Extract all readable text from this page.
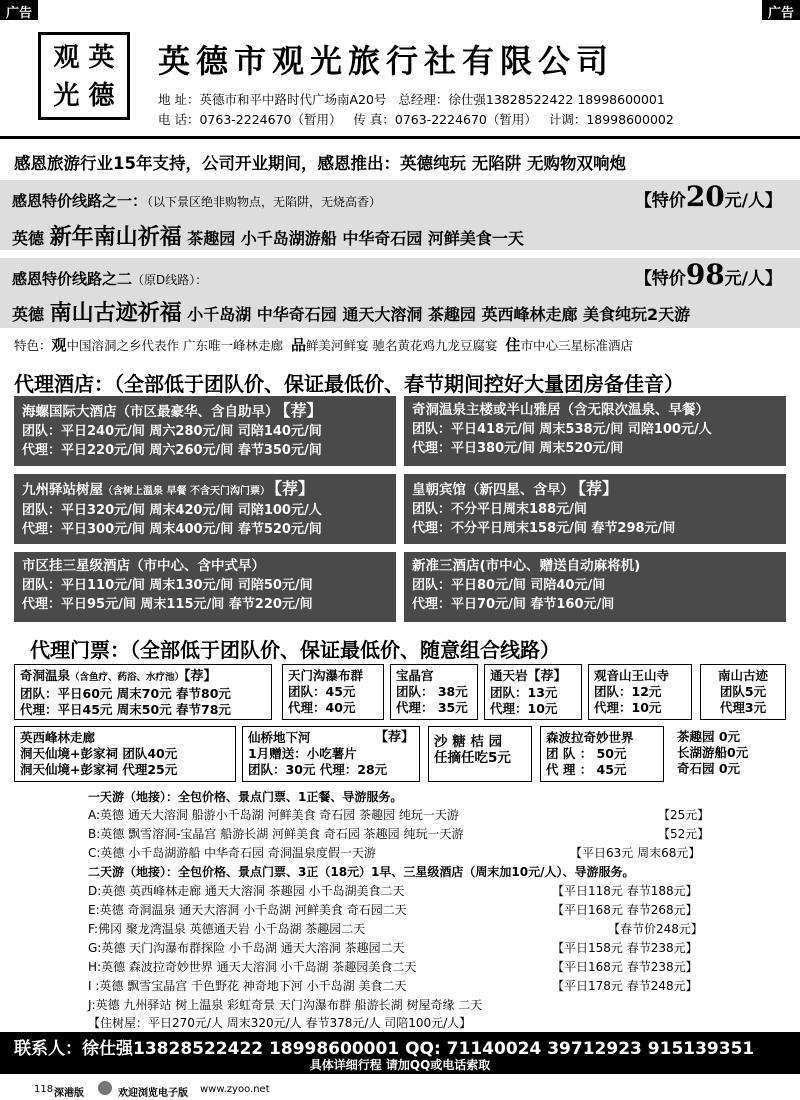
广告	广告
观 英
光 德
英德市观光旅行社有限公司
地 址：英德市和平中路时代广场南A20号 总经理：徐仕强13828522422 18998600001
电 话：0763-2224670（暂用） 传 真：0763-2224670（暂用） 计调：18998600002
感恩旅游行业15年支持，公司开业期间，感恩推出：英德纯玩 无陷阱 无购物双响炮
感恩特价线路之一：（以下景区绝非购物点，无陷阱，无烧高香）	【特价20元/人】
英德 新年南山祈福 茶趣园 小千岛湖游船 中华奇石园 河鲜美食一天
感恩特价线路之二（原D线路）：	【特价98元/人】
英德 南山古迹祈福 小千岛湖 中华奇石园 通天大溶洞 茶趣园 英西峰林走廊 美食纯玩2天游
特色：观中国溶洞之乡代表作 广东唯一峰林走廊 品鲜美河鲜宴 驰名黄花鸡九龙豆腐宴 住市中心三星标准酒店
代理酒店：（全部低于团队价、保证最低价、春节期间控好大量团房备佳音）
海螺国际大酒店（市区最豪华、含自助早） 【荐】
团队：平日240元/间 周六280元/间 司陪140元/间
代理：平日220元/间 周六260元/间 春节350元/间
奇洞温泉主楼或半山雅居（含无限次温泉、早餐）
团队：平日418元/间 周末538元/间 司陪100元/人
代理：平日380元/间 周末520元/间
九州驿站树屋（含树上温泉 早餐 不含天门沟门票） 【荐】
团队：平日320元/间 周末420元/间 司陪100元/人
代理：平日300元/间 周末400元/间 春节520元/间
皇朝宾馆（新四星、含早） 【荐】
团队：不分平日周末188元/间
代理：不分平日周末158元/间 春节298元/间
市区挂三星级酒店（市中心、含中式早）
团队：平日110元/间 周末130元/间 司陪50元/间
代理：平日95元/间 周末115元/间 春节220元/间
新准三酒店(市中心、赠送自动麻将机)
团队：平日80元/间 司陪40元/间
代理：平日70元/间 春节160元/间
代理门票：（全部低于团队价、保证最低价、随意组合线路）
奇洞温泉（含鱼疗、药浴、水疗池）【荐】
团队：平日60元 周末70元 春节80元
代理：平日45元 周末50元 春节78元
天门沟瀑布群
团队：45元
代理：40元
宝晶宫
团队： 38元
代理： 35元
通天岩【荐】
团队：13元
代理：10元
观音山王山寺
团队：12元
代理：10元
南山古迹
团队5元
代理3元
英西峰林走廊
洞天仙境+彭家祠 团队40元
洞天仙境+彭家祠 代理25元
仙桥地下河	【荐】
1月赠送：小吃薯片
团队：30元 代理：28元
沙 糖 桔 园
任摘任吃5元
森波拉奇妙世界
团 队 ： 50元
代 理 ： 45元
茶趣园 0元
长湖游船0元
奇石园 0元
一天游（地接）：全包价格、景点门票、1正餐、导游服务。
A:英德 通天大溶洞 船游小千岛湖 河鲜美食 奇石园 茶趣园 纯玩一天游	【25元】
B:英德 飘雪溶洞-宝晶宫 船游长湖 河鲜美食 奇石园 茶趣园 纯玩一天游	【52元】
C:英德 小千岛湖游船 中华奇石园 奇洞温泉度假一天游	【平日63元 周末68元】
二天游（地接）：全包价格、景点门票、3正（18元）1早、三星级酒店（周末加10元/人）、导游服务。
D:英德 英西峰林走廊 通天大溶洞 茶趣园 小千岛湖美食二天	【平日118元 春节188元】
E:英德 奇洞温泉 通天大溶洞 小千岛湖 河鲜美食 奇石园二天	【平日168元 春节268元】
F:佛冈 聚龙湾温泉 英德通天岩 小千岛湖 茶趣园二天	【春节价248元】
G:英德 天门沟瀑布群探险 小千岛湖 通天大溶洞 茶趣园二天	【平日158元 春节238元】
H:英德 森波拉奇妙世界 通天大溶洞 小千岛湖 茶趣园美食二天	【平日168元 春节238元】
I :英德 飘雪宝晶宫 千色野花 神奇地下河 小千岛湖 美食二天	【平日178元 春节248元】
J:英德 九州驿站 树上温泉 彩虹奇景 天门沟瀑布群 船游长湖 树屋奇缘 二天
【住树屋：平日270元/人 周末320元/人 春节378元/人 司陪100元/人】
联系人：徐仕强13828522422 18998600001 QQ: 71140024 39712923 915139351
具体详细行程 请加QQ或电话索取
118 深港版	欢迎浏览电子版 www.zyoo.net
